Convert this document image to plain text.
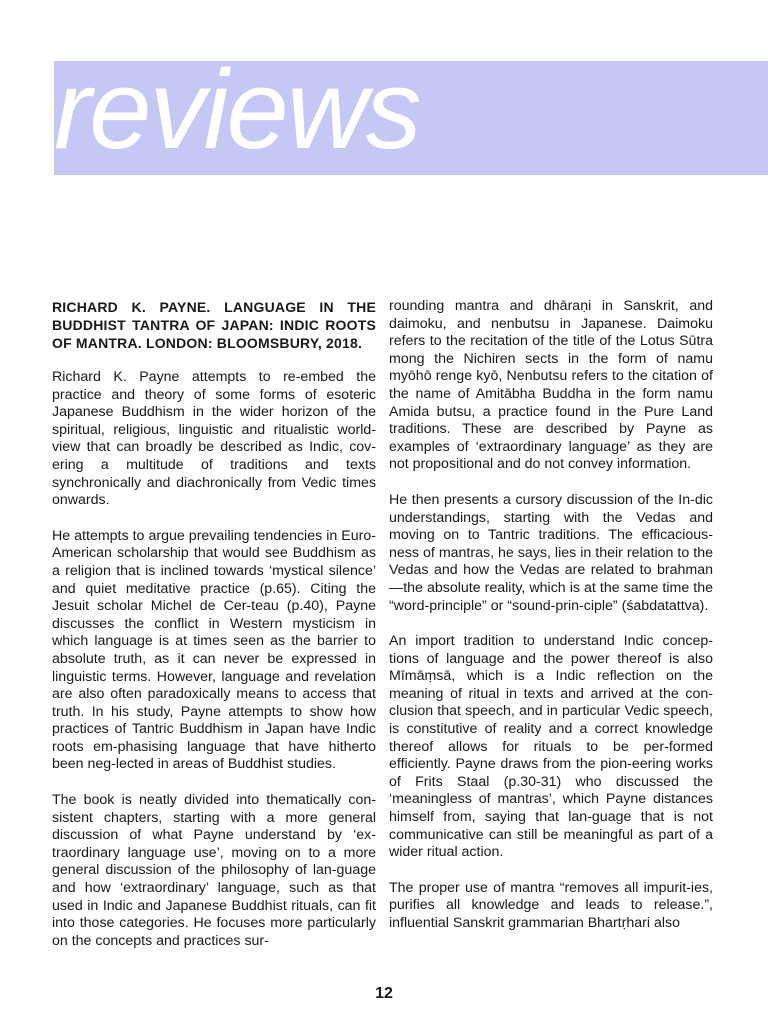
reviews
RICHARD K. PAYNE. LANGUAGE IN THE BUDDHIST TANTRA OF JAPAN: INDIC ROOTS OF MANTRA. LONDON: BLOOMSBURY, 2018.

Richard K. Payne attempts to re-embed the practice and theory of some forms of esoteric Japanese Buddhism in the wider horizon of the spiritual, religious, linguistic and ritualistic world-view that can broadly be described as Indic, cov-ering a multitude of traditions and texts synchronically and diachronically from Vedic times onwards.

He attempts to argue prevailing tendencies in Euro-American scholarship that would see Buddhism as a religion that is inclined towards ‘mystical silence’ and quiet meditative practice (p.65). Citing the Jesuit scholar Michel de Cer-teau (p.40), Payne discusses the conflict in Western mysticism in which language is at times seen as the barrier to absolute truth, as it can never be expressed in linguistic terms. However, language and revelation are also often paradoxically means to access that truth. In his study, Payne attempts to show how practices of Tantric Buddhism in Japan have Indic roots em-phasising language that have hitherto been neg-lected in areas of Buddhist studies.

The book is neatly divided into thematically con-sistent chapters, starting with a more general discussion of what Payne understand by ‘ex-traordinary language use’, moving on to a more general discussion of the philosophy of lan-guage and how ‘extraordinary’ language, such as that used in Indic and Japanese Buddhist rituals, can fit into those categories. He focuses more particularly on the concepts and practices sur-

rounding mantra and dhāraṇi in Sanskrit, and daimoku, and nenbutsu in Japanese. Daimoku refers to the recitation of the title of the Lotus Sūtra mong the Nichiren sects in the form of namu myōhō renge kyō, Nenbutsu refers to the citation of the name of Amitābha Buddha in the form namu Amida butsu, a practice found in the Pure Land traditions. These are described by Payne as examples of ‘extraordinary language’ as they are not propositional and do not convey information.

He then presents a cursory discussion of the In-dic understandings, starting with the Vedas and moving on to Tantric traditions. The efficacious-ness of mantras, he says, lies in their relation to the Vedas and how the Vedas are related to brahman—the absolute reality, which is at the same time the “word-principle” or “sound-prin-ciple” (śabdatattva).

An import tradition to understand Indic concep-tions of language and the power thereof is also Mīmāṃsā, which is a Indic reflection on the meaning of ritual in texts and arrived at the con-clusion that speech, and in particular Vedic speech, is constitutive of reality and a correct knowledge thereof allows for rituals to be per-formed efficiently. Payne draws from the pion-eering works of Frits Staal (p.30-31) who discussed the ‘meaningless of mantras’, which Payne distances himself from, saying that lan-guage that is not communicative can still be meaningful as part of a wider ritual action.

The proper use of mantra “removes all impurit-ies, purifies all knowledge and leads to release.”, influential Sanskrit grammarian Bhartṛhari also

12
